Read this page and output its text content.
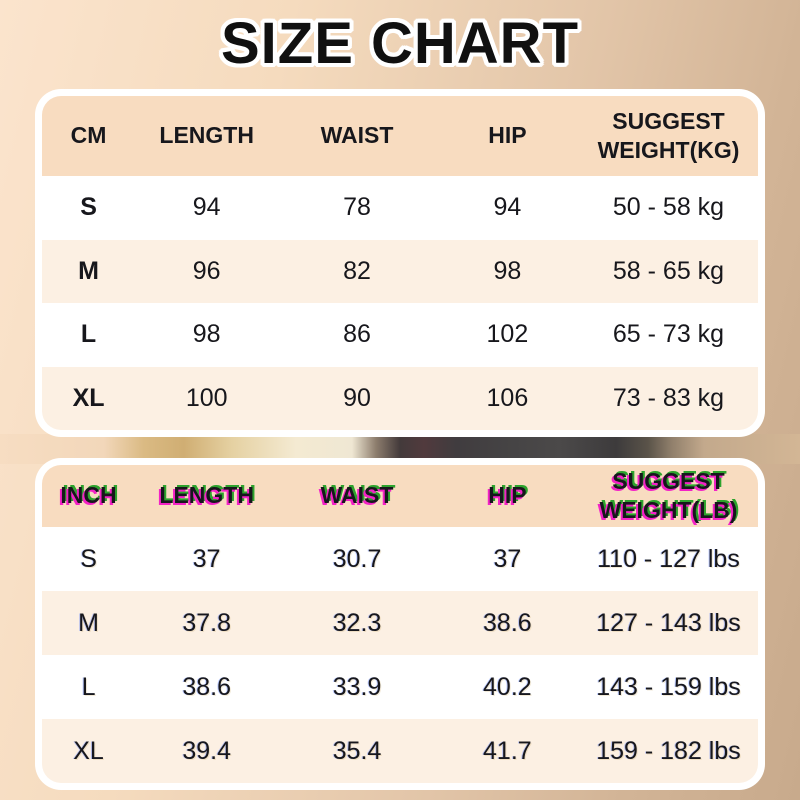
SIZE CHART
CM	LENGTH	WAIST	HIP	SUGGEST WEIGHT(KG)
S	94	78	94	50 - 58 kg
M	96	82	98	58 - 65 kg
L	98	86	102	65 - 73 kg
XL	100	90	106	73 - 83 kg
INCH	LENGTH	WAIST	HIP	SUGGEST WEIGHT(LB)
S	37	30.7	37	110 - 127 lbs
M	37.8	32.3	38.6	127 - 143 lbs
L	38.6	33.9	40.2	143 - 159 lbs
XL	39.4	35.4	41.7	159 - 182 lbs
